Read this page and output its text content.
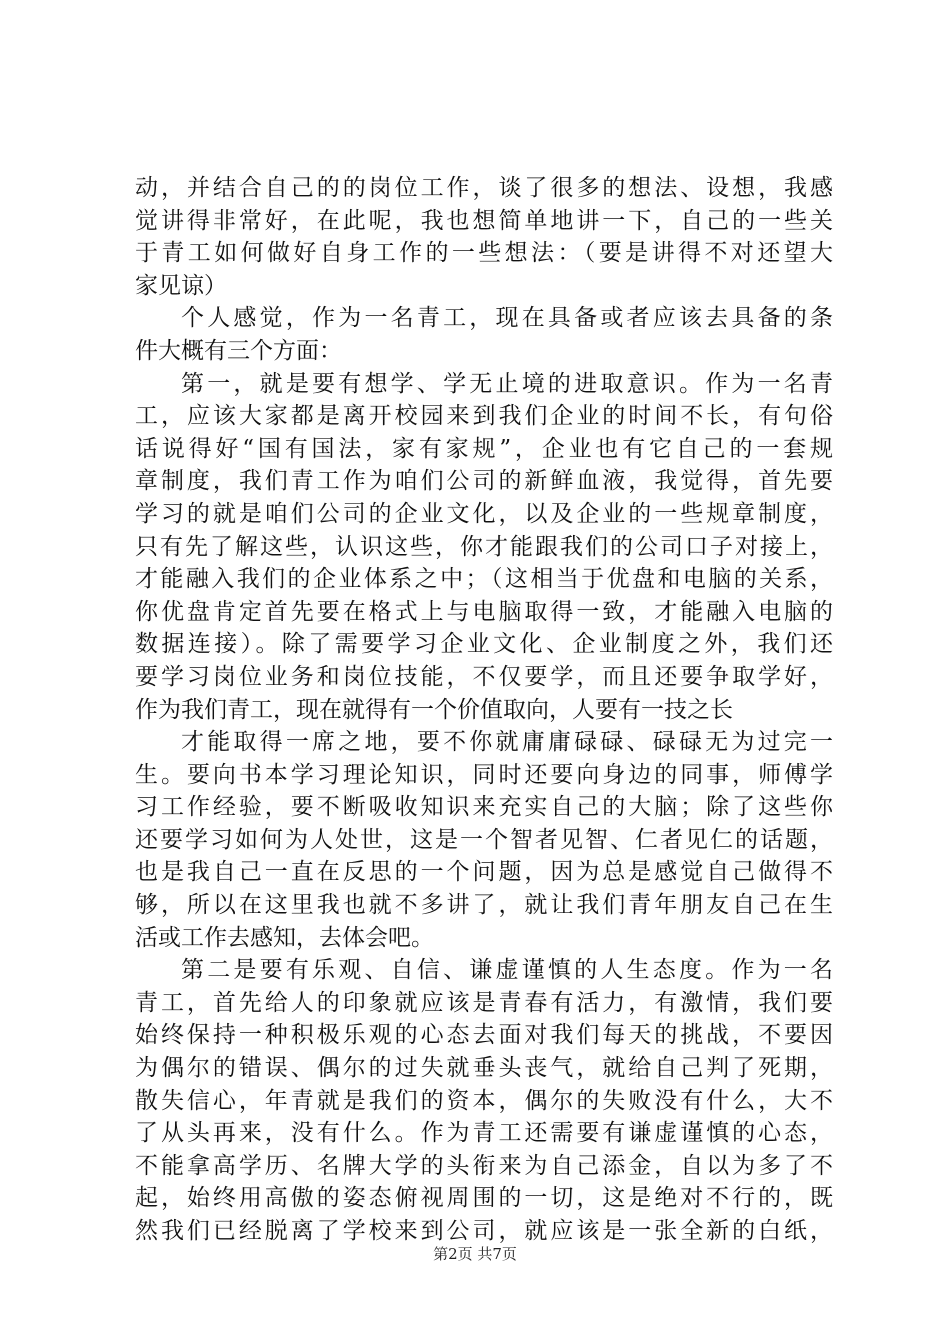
动，并结合自己的的岗位工作，谈了很多的想法、设想，我感
觉讲得非常好，在此呢，我也想简单地讲一下，自己的一些关
于青工如何做好自身工作的一些想法：（要是讲得不对还望大
家见谅）
个人感觉，作为一名青工，现在具备或者应该去具备的条
件大概有三个方面：
第一，就是要有想学、学无止境的进取意识。作为一名青
工，应该大家都是离开校园来到我们企业的时间不长，有句俗
话说得好“国有国法，家有家规”，企业也有它自己的一套规
章制度，我们青工作为咱们公司的新鲜血液，我觉得，首先要
学习的就是咱们公司的企业文化，以及企业的一些规章制度，
只有先了解这些，认识这些，你才能跟我们的公司口子对接上，
才能融入我们的企业体系之中；（这相当于优盘和电脑的关系，
你优盘肯定首先要在格式上与电脑取得一致，才能融入电脑的
数据连接）。除了需要学习企业文化、企业制度之外，我们还
要学习岗位业务和岗位技能，不仅要学，而且还要争取学好，
作为我们青工，现在就得有一个价值取向，人要有一技之长
才能取得一席之地，要不你就庸庸碌碌、碌碌无为过完一
生。要向书本学习理论知识，同时还要向身边的同事，师傅学
习工作经验，要不断吸收知识来充实自己的大脑；除了这些你
还要学习如何为人处世，这是一个智者见智、仁者见仁的话题，
也是我自己一直在反思的一个问题，因为总是感觉自己做得不
够，所以在这里我也就不多讲了，就让我们青年朋友自己在生
活或工作去感知，去体会吧。
第二是要有乐观、自信、谦虚谨慎的人生态度。作为一名
青工，首先给人的印象就应该是青春有活力，有激情，我们要
始终保持一种积极乐观的心态去面对我们每天的挑战，不要因
为偶尔的错误、偶尔的过失就垂头丧气，就给自己判了死期，
散失信心，年青就是我们的资本，偶尔的失败没有什么，大不
了从头再来，没有什么。作为青工还需要有谦虚谨慎的心态，
不能拿高学历、名牌大学的头衔来为自己添金，自以为多了不
起，始终用高傲的姿态俯视周围的一切，这是绝对不行的，既
然我们已经脱离了学校来到公司，就应该是一张全新的白纸，
第2页 共7页
